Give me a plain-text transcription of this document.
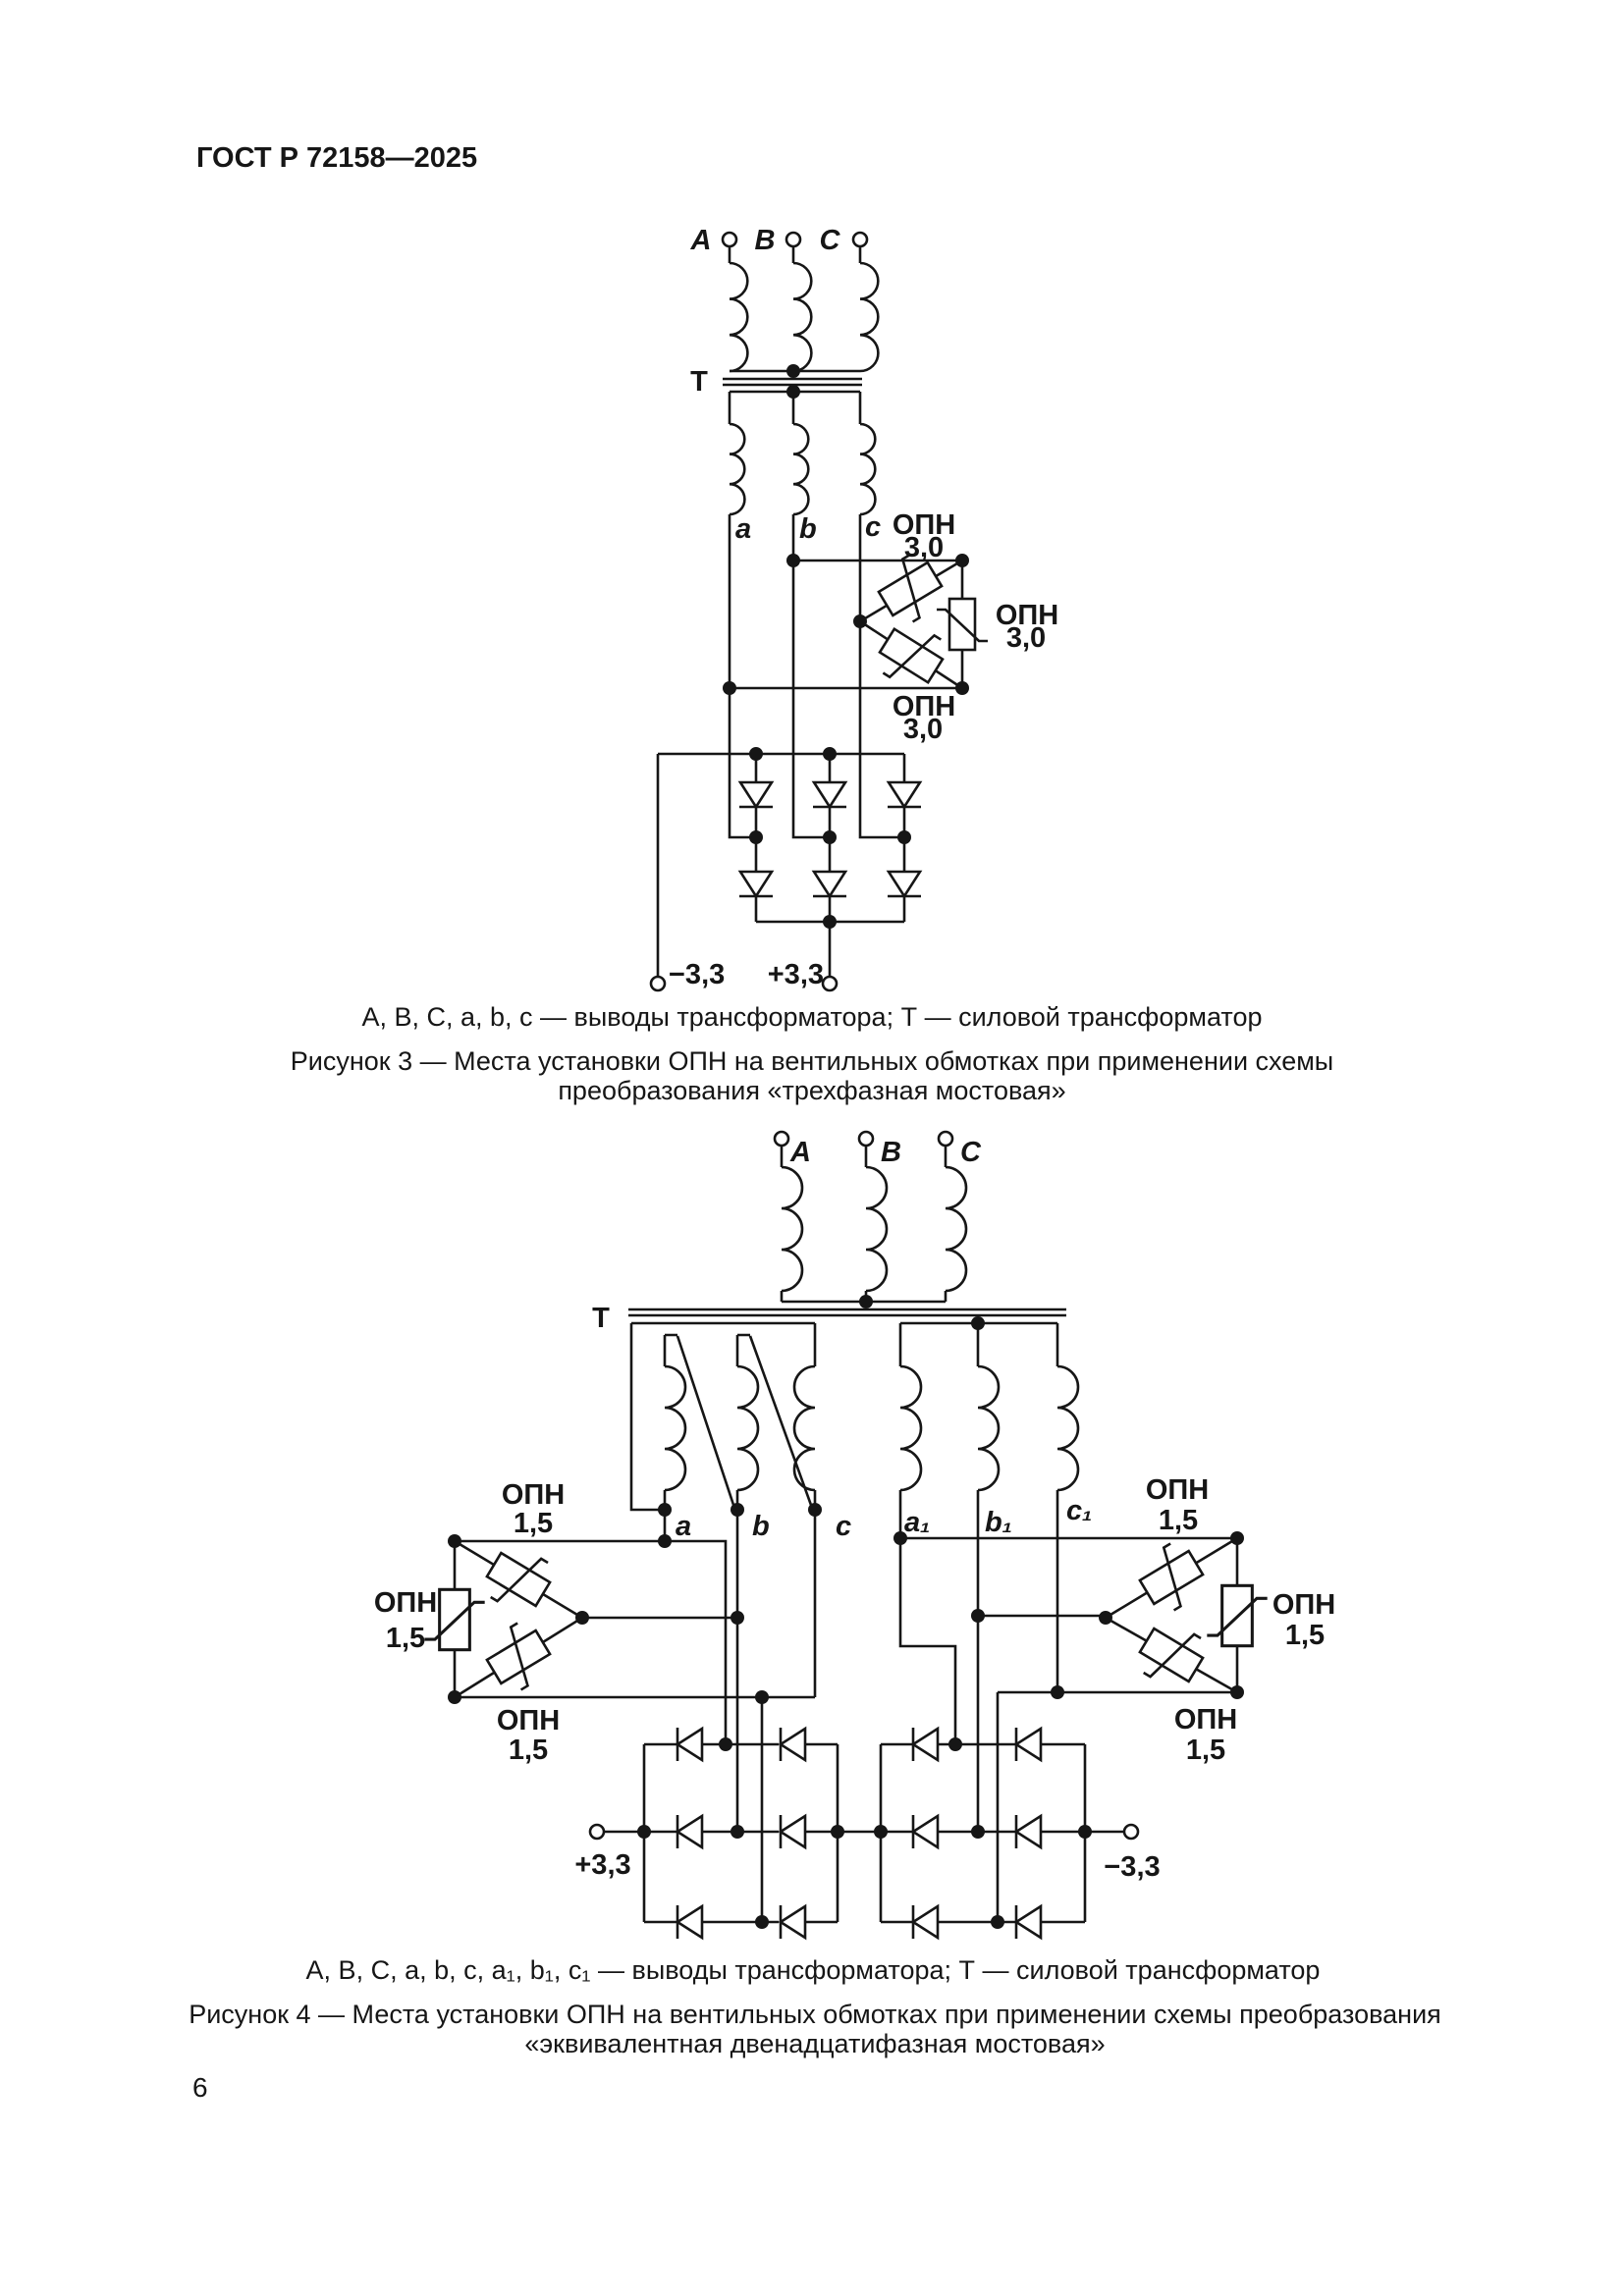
ГОСТ Р 72158—2025
6
A B C
Т
a b c ОПН
3,0
ОПН
3,0
ОПН
3,0
−3,3 +3,3
А, В, С, a, b, c — выводы трансформатора; Т — силовой трансформатор
Рисунок 3 — Места установки ОПН на вентильных обмотках при применении схемы
преобразования «трехфазная мостовая»
A B C
Т
a b c a₁ b₁ c₁
ОПН
1,5
ОПН
1,5
ОПН
1,5
ОПН
1,5
ОПН
1,5
ОПН
1,5
+3,3	−3,3
А, В, С, a, b, c, a₁, b₁, c₁ — выводы трансформатора; Т — силовой трансформатор
Рисунок 4 — Места установки ОПН на вентильных обмотках при применении схемы преобразования
«эквивалентная двенадцатифазная мостовая»
